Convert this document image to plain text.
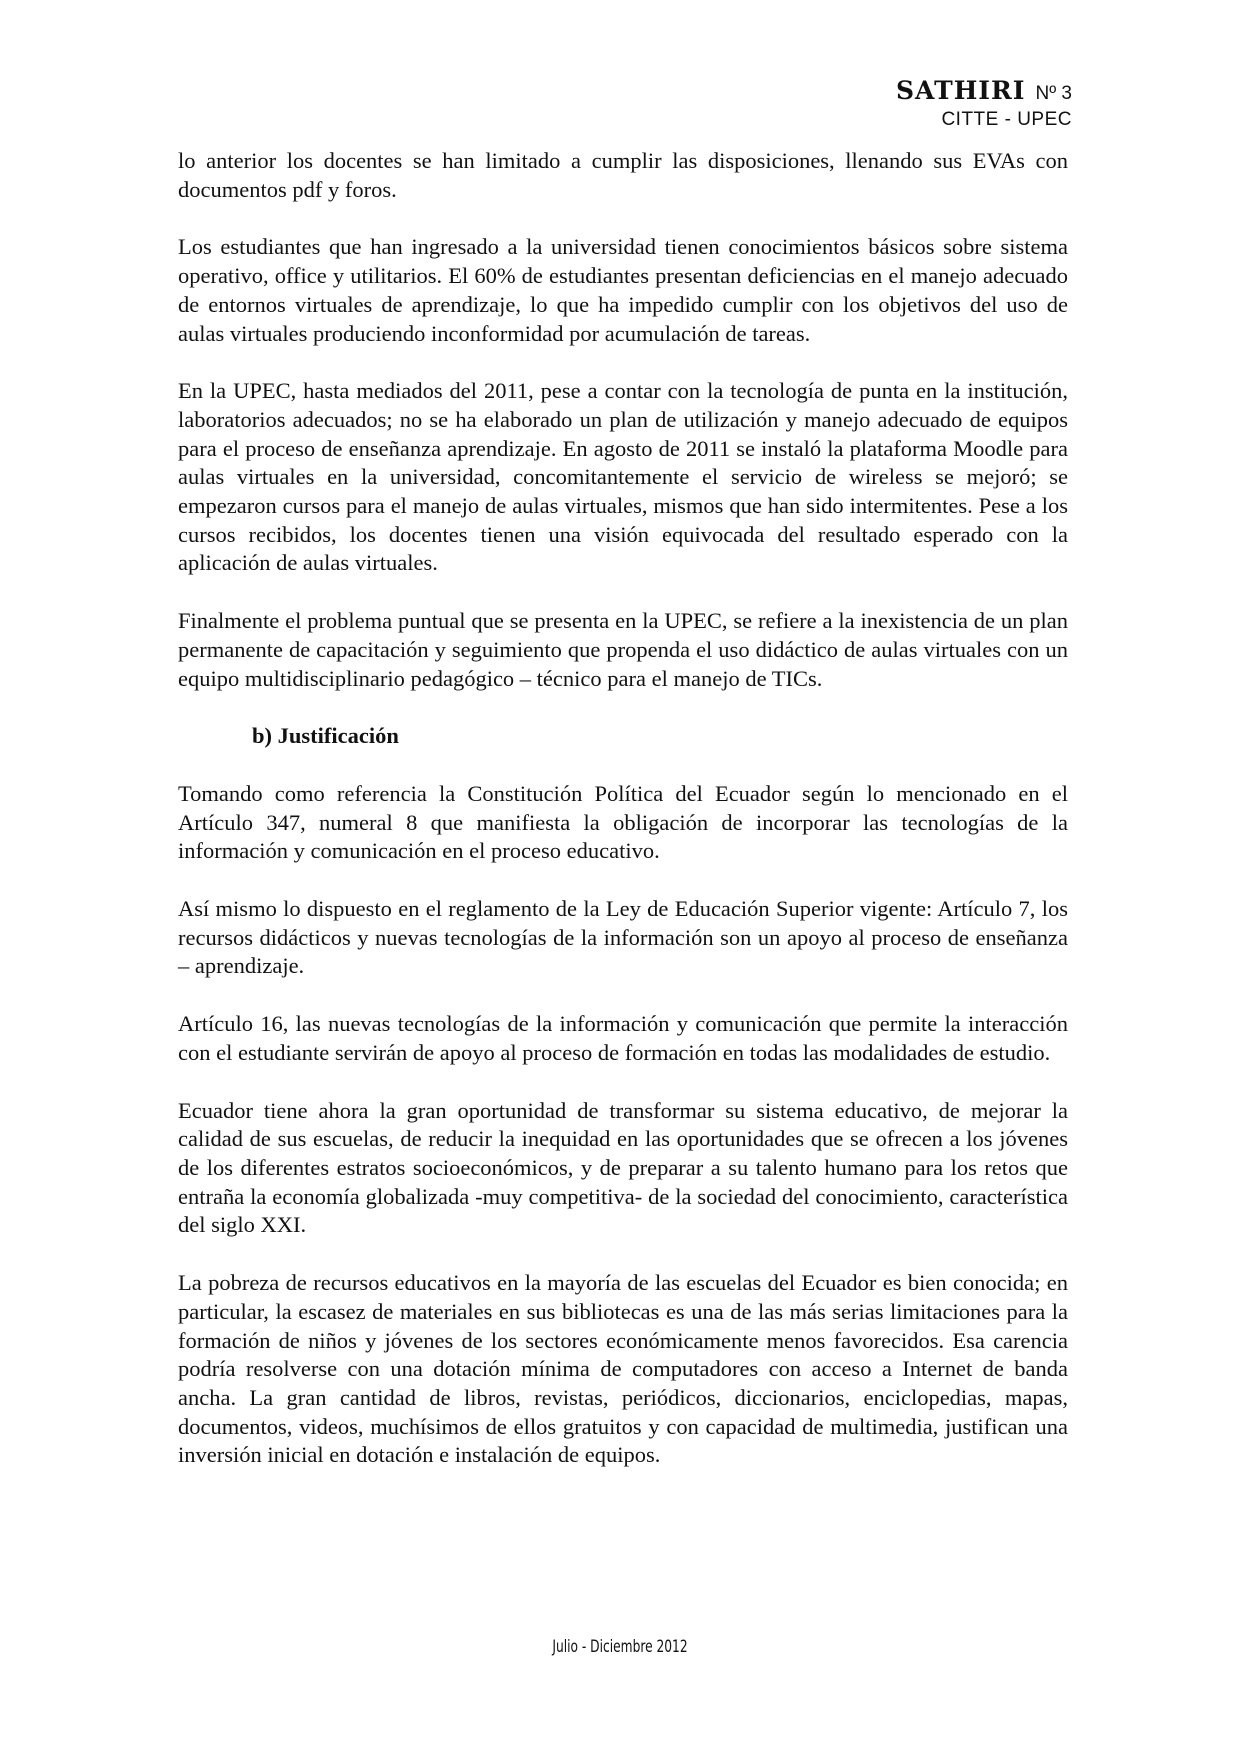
SATHIRI Nº 3
CITTE - UPEC

lo anterior los docentes se han limitado a cumplir las disposiciones, llenando sus EVAs con documentos pdf y foros.

Los estudiantes que han ingresado a la universidad tienen conocimientos básicos sobre sistema operativo, office y utilitarios. El 60% de estudiantes presentan deficiencias en el manejo adecuado de entornos virtuales de aprendizaje, lo que ha impedido cumplir con los objetivos del uso de aulas virtuales produciendo inconformidad por acumulación de tareas.

En la UPEC, hasta mediados del 2011, pese a contar con la tecnología de punta en la institución, laboratorios adecuados; no se ha elaborado un plan de utilización y manejo adecuado de equipos para el proceso de enseñanza aprendizaje. En agosto de 2011 se instaló la plataforma Moodle para aulas virtuales en la universidad, concomitantemente el servicio de wireless se mejoró; se empezaron cursos para el manejo de aulas virtuales, mismos que han sido intermitentes. Pese a los cursos recibidos, los docentes tienen una visión equivocada del resultado esperado con la aplicación de aulas virtuales.

Finalmente el problema puntual que se presenta en la UPEC, se refiere a la inexistencia de un plan permanente de capacitación y seguimiento que propenda el uso didáctico de aulas virtuales con un equipo multidisciplinario pedagógico – técnico para el manejo de TICs.

b) Justificación

Tomando como referencia la Constitución Política del Ecuador según lo mencionado en el Artículo 347, numeral 8 que manifiesta la obligación de incorporar las tecnologías de la información y comunicación en el proceso educativo.

Así mismo lo dispuesto en el reglamento de la Ley de Educación Superior vigente: Artículo 7, los recursos didácticos y nuevas tecnologías de la información son un apoyo al proceso de enseñanza – aprendizaje.

Artículo 16, las nuevas tecnologías de la información y comunicación que permite la interacción con el estudiante servirán de apoyo al proceso de formación en todas las modalidades de estudio.

Ecuador tiene ahora la gran oportunidad de transformar su sistema educativo, de mejorar la calidad de sus escuelas, de reducir la inequidad en las oportunidades que se ofrecen a los jóvenes de los diferentes estratos socioeconómicos, y de preparar a su talento humano para los retos que entraña la economía globalizada -muy competitiva- de la sociedad del conocimiento, característica del siglo XXI.

La pobreza de recursos educativos en la mayoría de las escuelas del Ecuador es bien conocida; en particular, la escasez de materiales en sus bibliotecas es una de las más serias limitaciones para la formación de niños y jóvenes de los sectores económicamente menos favorecidos. Esa carencia podría resolverse con una dotación mínima de computadores con acceso a Internet de banda ancha. La gran cantidad de libros, revistas, periódicos, diccionarios, enciclopedias, mapas, documentos, videos, muchísimos de ellos gratuitos y con capacidad de multimedia, justifican una inversión inicial en dotación e instalación de equipos.

Julio - Diciembre 2012
